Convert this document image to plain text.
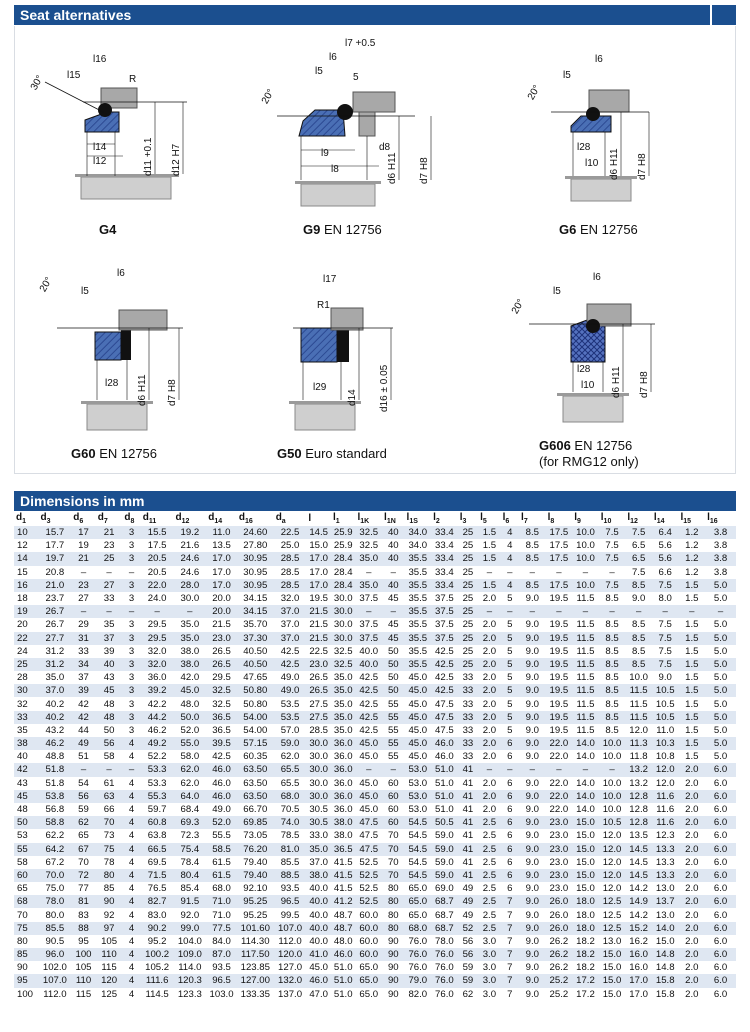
Seat alternatives
l16
l15	R
30°
l14
l12	d11 +0.1 d12 H7
l7 +0.5
l6
l5
5
20°
l9
l8
d8
d6 H11 d7 H8
l6
l5
20°
l28
l10 d6 H11 d7 H8
l6
l5
20°
l28 d6 H11 d7 H8
l17
R1
l29
d14 d16 ± 0.05
l6
l5
20°
l28
l10 d6 H11 d7 H8
G4	G9 EN 12756	G6 EN 12756
G60 EN 12756	G50 Euro standard
G606 EN 12756
(for RMG12 only)
Dimensions in mm
$d_1$	$d_3$	$d_6$	$d_7$	$d_8$	$d_{11}$	$d_{12}$	$d_{14}$	$d_{16}$	$d_a$	l	$l_1$	$l_{1K}$	$l_{1N}$	$l_{1S}$	$l_2$	$l_3$	$l_5$	$l_6$	$l_7$	$l_8$	$l_9$	$l_{10}$	$l_{12}$	$l_{14}$	$l_{15}$	$l_{16}$
10	15.7	17	21	3	15.5	19.2	11.0	24.60	22.5	14.5	25.9	32.5	40	34.0	33.4	25	1.5	4	8.5	17.5	10.0	7.5	7.5	6.4	1.2	3.8
12	17.7	19	23	3	17.5	21.6	13.5	27.80	25.0	15.0	25.9	32.5	40	34.0	33.4	25	1.5	4	8.5	17.5	10.0	7.5	6.5	5.6	1.2	3.8
14	19.7	21	25	3	20.5	24.6	17.0	30.95	28.5	17.0	28.4	35.0	40	35.5	33.4	25	1.5	4	8.5	17.5	10.0	7.5	6.5	5.6	1.2	3.8
15	20.8	–	–	–	20.5	24.6	17.0	30.95	28.5	17.0	28.4	–	–	35.5	33.4	25	–	–	–	–	–	–	7.5	6.6	1.2	3.8
16	21.0	23	27	3	22.0	28.0	17.0	30.95	28.5	17.0	28.4	35.0	40	35.5	33.4	25	1.5	4	8.5	17.5	10.0	7.5	8.5	7.5	1.5	5.0
18	23.7	27	33	3	24.0	30.0	20.0	34.15	32.0	19.5	30.0	37.5	45	35.5	37.5	25	2.0	5	9.0	19.5	11.5	8.5	9.0	8.0	1.5	5.0
19	26.7	–	–	–	–	–	20.0	34.15	37.0	21.5	30.0	–	–	35.5	37.5	25	–	–	–	–	–	–	–	–	–	–
20	26.7	29	35	3	29.5	35.0	21.5	35.70	37.0	21.5	30.0	37.5	45	35.5	37.5	25	2.0	5	9.0	19.5	11.5	8.5	8.5	7.5	1.5	5.0
22	27.7	31	37	3	29.5	35.0	23.0	37.30	37.0	21.5	30.0	37.5	45	35.5	37.5	25	2.0	5	9.0	19.5	11.5	8.5	8.5	7.5	1.5	5.0
24	31.2	33	39	3	32.0	38.0	26.5	40.50	42.5	22.5	32.5	40.0	50	35.5	42.5	25	2.0	5	9.0	19.5	11.5	8.5	8.5	7.5	1.5	5.0
25	31.2	34	40	3	32.0	38.0	26.5	40.50	42.5	23.0	32.5	40.0	50	35.5	42.5	25	2.0	5	9.0	19.5	11.5	8.5	8.5	7.5	1.5	5.0
28	35.0	37	43	3	36.0	42.0	29.5	47.65	49.0	26.5	35.0	42.5	50	45.0	42.5	33	2.0	5	9.0	19.5	11.5	8.5	10.0	9.0	1.5	5.0
30	37.0	39	45	3	39.2	45.0	32.5	50.80	49.0	26.5	35.0	42.5	50	45.0	42.5	33	2.0	5	9.0	19.5	11.5	8.5	11.5	10.5	1.5	5.0
32	40.2	42	48	3	42.2	48.0	32.5	50.80	53.5	27.5	35.0	42.5	55	45.0	47.5	33	2.0	5	9.0	19.5	11.5	8.5	11.5	10.5	1.5	5.0
33	40.2	42	48	3	44.2	50.0	36.5	54.00	53.5	27.5	35.0	42.5	55	45.0	47.5	33	2.0	5	9.0	19.5	11.5	8.5	11.5	10.5	1.5	5.0
35	43.2	44	50	3	46.2	52.0	36.5	54.00	57.0	28.5	35.0	42.5	55	45.0	47.5	33	2.0	5	9.0	19.5	11.5	8.5	12.0	11.0	1.5	5.0
38	46.2	49	56	4	49.2	55.0	39.5	57.15	59.0	30.0	36.0	45.0	55	45.0	46.0	33	2.0	6	9.0	22.0	14.0	10.0	11.3	10.3	1.5	5.0
40	48.8	51	58	4	52.2	58.0	42.5	60.35	62.0	30.0	36.0	45.0	55	45.0	46.0	33	2.0	6	9.0	22.0	14.0	10.0	11.8	10.8	1.5	5.0
42	51.8	–	–	–	53.3	62.0	46.0	63.50	65.5	30.0	36.0	–	–	53.0	51.0	41	–	–	–	–	–	–	13.2	12.0	2.0	6.0
43	51.8	54	61	4	53.3	62.0	46.0	63.50	65.5	30.0	36.0	45.0	60	53.0	51.0	41	2.0	6	9.0	22.0	14.0	10.0	13.2	12.0	2.0	6.0
45	53.8	56	63	4	55.3	64.0	46.0	63.50	68.0	30.0	36.0	45.0	60	53.0	51.0	41	2.0	6	9.0	22.0	14.0	10.0	12.8	11.6	2.0	6.0
48	56.8	59	66	4	59.7	68.4	49.0	66.70	70.5	30.5	36.0	45.0	60	53.0	51.0	41	2.0	6	9.0	22.0	14.0	10.0	12.8	11.6	2.0	6.0
50	58.8	62	70	4	60.8	69.3	52.0	69.85	74.0	30.5	38.0	47.5	60	54.5	50.5	41	2.5	6	9.0	23.0	15.0	10.5	12.8	11.6	2.0	6.0
53	62.2	65	73	4	63.8	72.3	55.5	73.05	78.5	33.0	38.0	47.5	70	54.5	59.0	41	2.5	6	9.0	23.0	15.0	12.0	13.5	12.3	2.0	6.0
55	64.2	67	75	4	66.5	75.4	58.5	76.20	81.0	35.0	36.5	47.5	70	54.5	59.0	41	2.5	6	9.0	23.0	15.0	12.0	14.5	13.3	2.0	6.0
58	67.2	70	78	4	69.5	78.4	61.5	79.40	85.5	37.0	41.5	52.5	70	54.5	59.0	41	2.5	6	9.0	23.0	15.0	12.0	14.5	13.3	2.0	6.0
60	70.0	72	80	4	71.5	80.4	61.5	79.40	88.5	38.0	41.5	52.5	70	54.5	59.0	41	2.5	6	9.0	23.0	15.0	12.0	14.5	13.3	2.0	6.0
65	75.0	77	85	4	76.5	85.4	68.0	92.10	93.5	40.0	41.5	52.5	80	65.0	69.0	49	2.5	6	9.0	23.0	15.0	12.0	14.2	13.0	2.0	6.0
68	78.0	81	90	4	82.7	91.5	71.0	95.25	96.5	40.0	41.2	52.5	80	65.0	68.7	49	2.5	7	9.0	26.0	18.0	12.5	14.9	13.7	2.0	6.0
70	80.0	83	92	4	83.0	92.0	71.0	95.25	99.5	40.0	48.7	60.0	80	65.0	68.7	49	2.5	7	9.0	26.0	18.0	12.5	14.2	13.0	2.0	6.0
75	85.5	88	97	4	90.2	99.0	77.5	101.60	107.0	40.0	48.7	60.0	80	68.0	68.7	52	2.5	7	9.0	26.0	18.0	12.5	15.2	14.0	2.0	6.0
80	90.5	95	105	4	95.2	104.0	84.0	114.30	112.0	40.0	48.0	60.0	90	76.0	78.0	56	3.0	7	9.0	26.2	18.2	13.0	16.2	15.0	2.0	6.0
85	96.0	100	110	4	100.2	109.0	87.0	117.50	120.0	41.0	46.0	60.0	90	76.0	76.0	56	3.0	7	9.0	26.2	18.2	15.0	16.0	14.8	2.0	6.0
90	102.0	105	115	4	105.2	114.0	93.5	123.85	127.0	45.0	51.0	65.0	90	76.0	76.0	59	3.0	7	9.0	26.2	18.2	15.0	16.0	14.8	2.0	6.0
95	107.0	110	120	4	111.6	120.3	96.5	127.00	132.0	46.0	51.0	65.0	90	79.0	76.0	59	3.0	7	9.0	25.2	17.2	15.0	17.0	15.8	2.0	6.0
100	112.0	115	125	4	114.5	123.3	103.0	133.35	137.0	47.0	51.0	65.0	90	82.0	76.0	62	3.0	7	9.0	25.2	17.2	15.0	17.0	15.8	2.0	6.0
